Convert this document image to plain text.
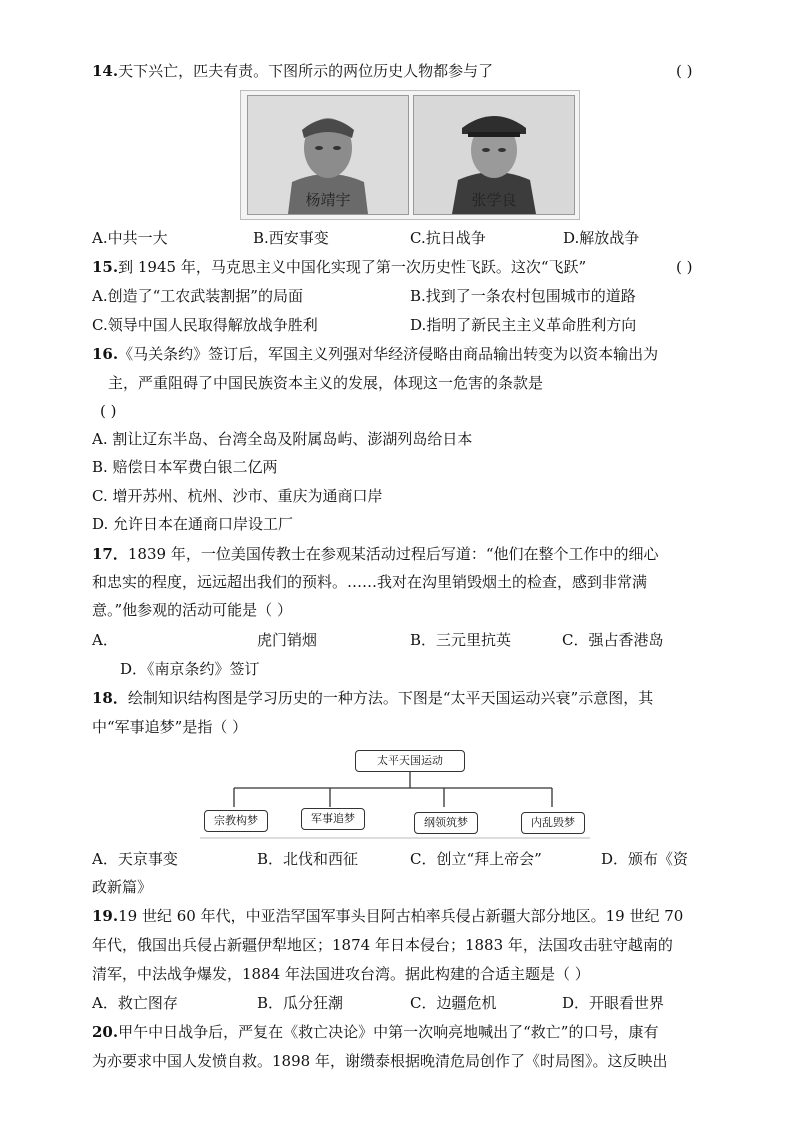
14.天下兴亡，匹夫有责。下图所示的两位历史人物都参与了	( )
杨靖宇	张学良
A.中共一大	B.西安事变	C.抗日战争	D.解放战争
15.到 1945 年，马克思主义中国化实现了第一次历史性飞跃。这次“飞跃”	( )
A.创造了“工农武装割据”的局面	B.找到了一条农村包围城市的道路
C.领导中国人民取得解放战争胜利	D.指明了新民主主义革命胜利方向
16.《马关条约》签订后，军国主义列强对华经济侵略由商品输出转变为以资本输出为
主，严重阻碍了中国民族资本主义的发展，体现这一危害的条款是
( )
A. 割让辽东半岛、台湾全岛及附属岛屿、澎湖列岛给日本
B. 赔偿日本军费白银二亿两
C. 增开苏州、杭州、沙市、重庆为通商口岸
D. 允许日本在通商口岸设工厂
17．1839 年，一位美国传教士在参观某活动过程后写道：“他们在整个工作中的细心
和忠实的程度，远远超出我们的预料。……我对在沟里销毁烟土的检查，感到非常满
意。”他参观的活动可能是（ ）
A．	虎门销烟	B．三元里抗英	C．强占香港岛
D．《南京条约》签订
18．绘制知识结构图是学习历史的一种方法。下图是“太平天国运动兴衰”示意图，其
中“军事追梦”是指（ ）
太平天国运动
宗教构梦	军事追梦	纲领筑梦	内乱毁梦
A．天京事变	B．北伐和西征	C．创立“拜上帝会”	D．颁布《资
政新篇》
19.19 世纪 60 年代，中亚浩罕国军事头目阿古柏率兵侵占新疆大部分地区。19 世纪 70
年代，俄国出兵侵占新疆伊犁地区；1874 年日本侵台；1883 年，法国攻击驻守越南的
清军，中法战争爆发，1884 年法国进攻台湾。据此构建的合适主题是（ ）
A．救亡图存	B．瓜分狂潮	C．边疆危机	D．开眼看世界
20.甲午中日战争后，严复在《救亡决论》中第一次响亮地喊出了“救亡”的口号，康有
为亦要求中国人发愤自救。1898 年，谢缵泰根据晚清危局创作了《时局图》。这反映出
